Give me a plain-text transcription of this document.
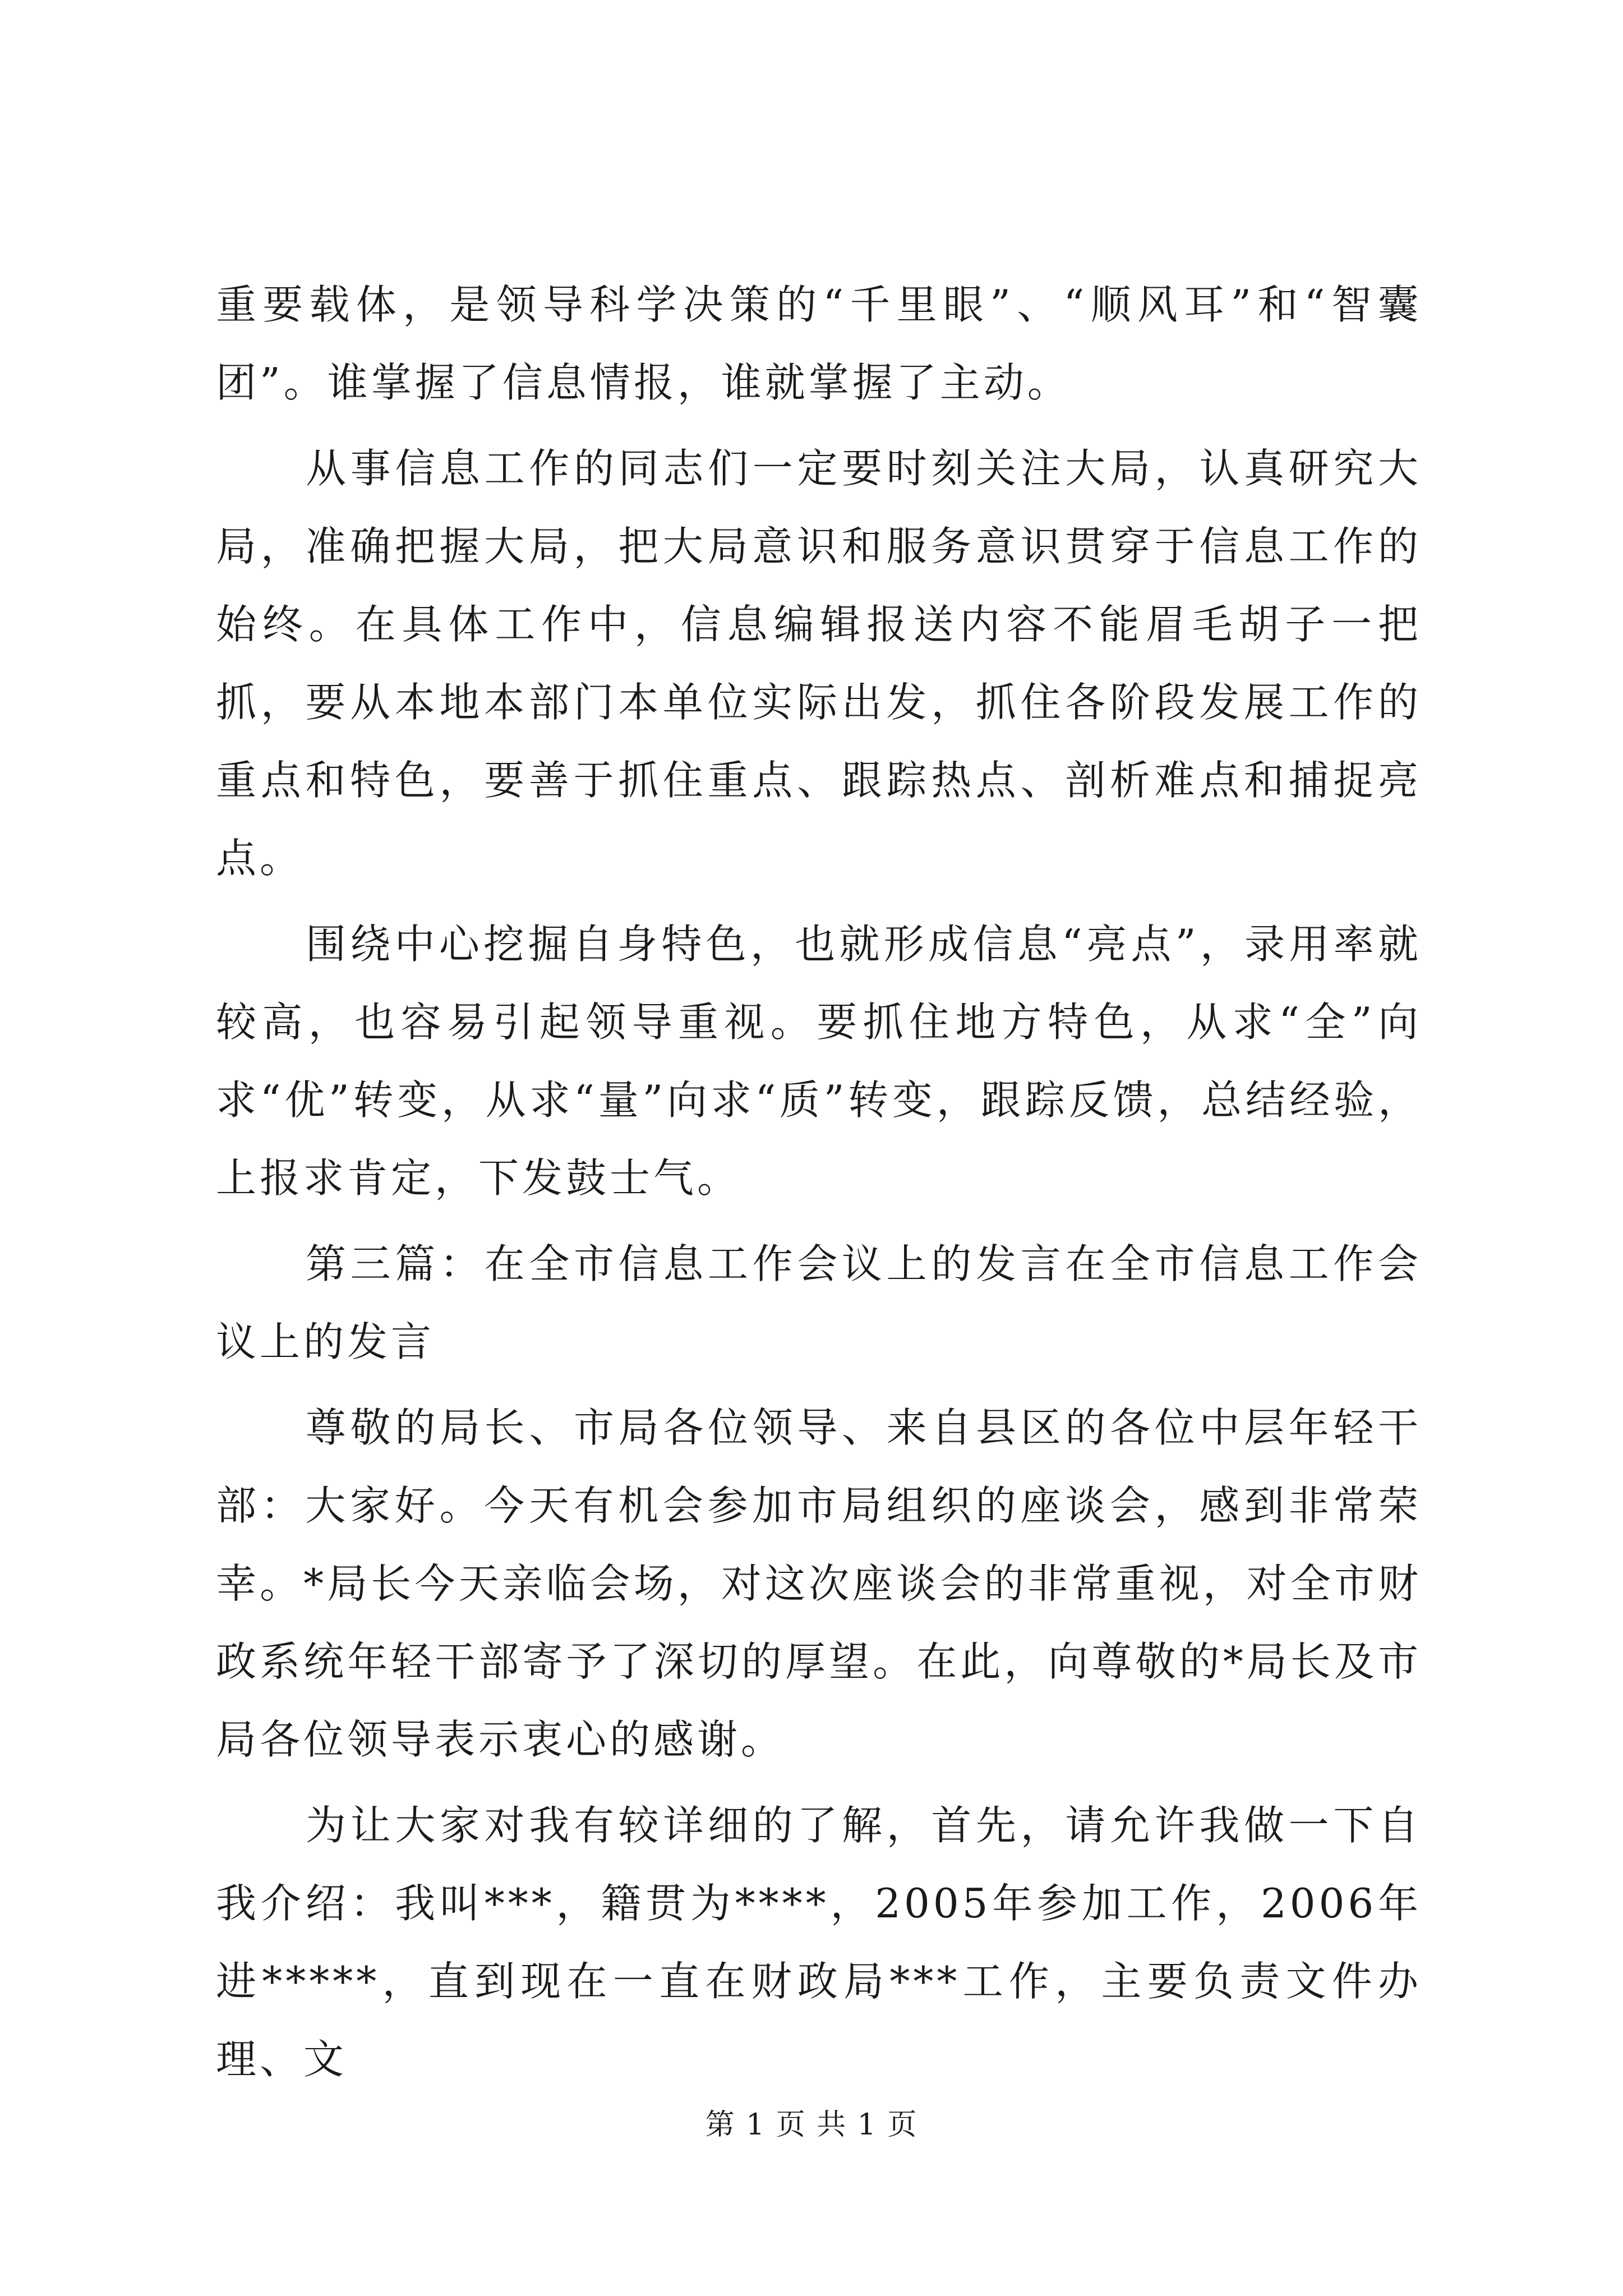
重要载体，是领导科学决策的“千里眼”、“顺风耳”和“智囊团”。谁掌握了信息情报，谁就掌握了主动。

从事信息工作的同志们一定要时刻关注大局，认真研究大局，准确把握大局，把大局意识和服务意识贯穿于信息工作的始终。在具体工作中，信息编辑报送内容不能眉毛胡子一把抓，要从本地本部门本单位实际出发，抓住各阶段发展工作的重点和特色，要善于抓住重点、跟踪热点、剖析难点和捕捉亮点。

围绕中心挖掘自身特色，也就形成信息“亮点”，录用率就较高，也容易引起领导重视。要抓住地方特色，从求“全”向求“优”转变，从求“量”向求“质”转变，跟踪反馈，总结经验，上报求肯定，下发鼓士气。

第三篇：在全市信息工作会议上的发言在全市信息工作会议上的发言

尊敬的局长、市局各位领导、来自县区的各位中层年轻干部：大家好。今天有机会参加市局组织的座谈会，感到非常荣幸。*局长今天亲临会场，对这次座谈会的非常重视，对全市财政系统年轻干部寄予了深切的厚望。在此，向尊敬的*局长及市局各位领导表示衷心的感谢。

为让大家对我有较详细的了解，首先，请允许我做一下自我介绍：我叫***，籍贯为****，2005年参加工作，2006年进*****，直到现在一直在财政局***工作，主要负责文件办理、文

第 1 页 共 1 页
